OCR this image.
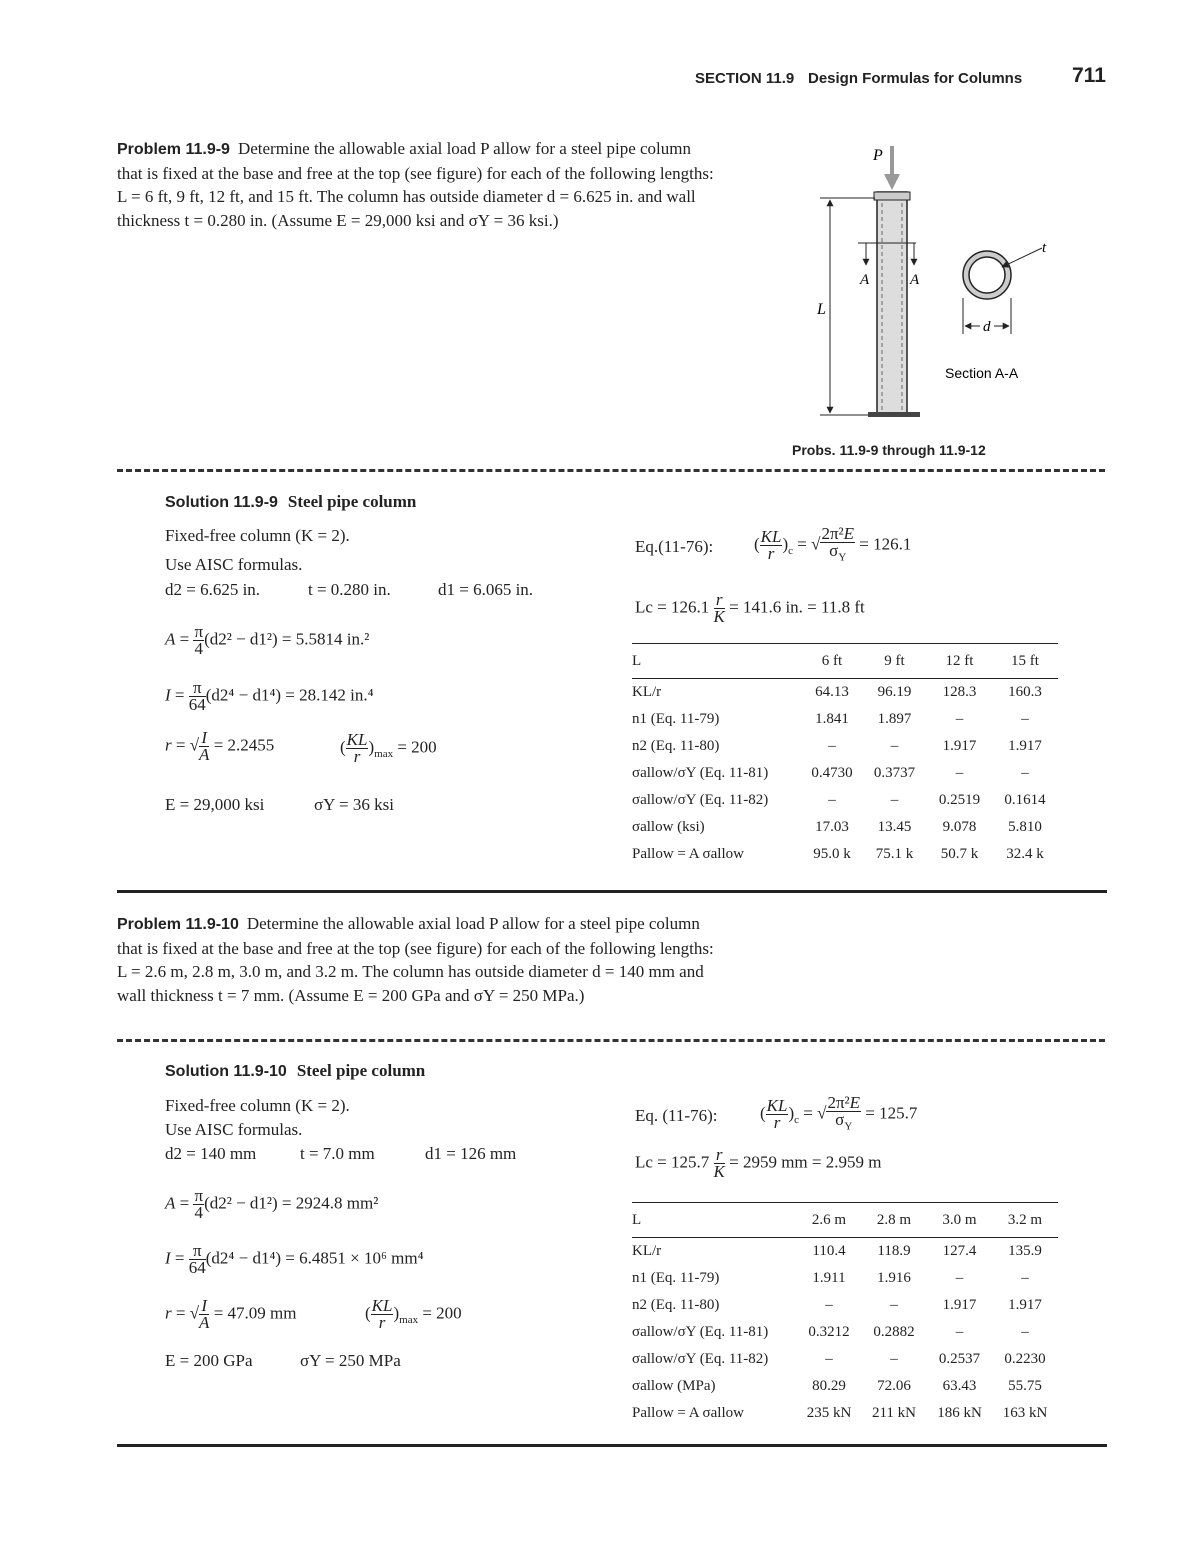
SECTION 11.9 Design Formulas for Columns 711
Problem 11.9-9 Determine the allowable axial load P allow for a steel pipe column that is fixed at the base and free at the top (see figure) for each of the following lengths: L = 6 ft, 9 ft, 12 ft, and 15 ft. The column has outside diameter d = 6.625 in. and wall thickness t = 0.280 in. (Assume E = 29,000 ksi and σY = 36 ksi.)
P
L
A	A
t
d
Section A-A
Probs. 11.9-9 through 11.9-12
Solution 11.9-9 Steel pipe column
Fixed-free column (K = 2).
Use AISC formulas.
d2 = 6.625 in.	t = 0.280 in.	d1 = 6.065 in.
$A = \frac{\pi}{4} (d2^2 - d1^2) = 5.5814$ in.²
$I = \frac{\pi}{64} (d2^4 - d1^4) = 28.142$ in.⁴
r = √ $\frac{I}{A} = 2.2455$	( $\frac{KL}{r} )_{max} = 200$
E = 29,000 ksi	σY = 36 ksi
Eq.(11-76): ( $\frac{KL}{r} )_c$ = √ $\frac{\text{2π²E}}{\sigma_Y} = 126.1$
$Lc = 126.1 \frac{r}{K} = 141.6$ in. = 11.8 ft
L	6 ft	9 ft	12 ft	15 ft
KL/r	64.13	96.19	128.3	160.3
n1 (Eq. 11-79)	1.841	1.897	–	–
n2 (Eq. 11-80)	–	–	1.917	1.917
σallow/σY (Eq. 11-81)	0.4730	0.3737	–	–
σallow/σY (Eq. 11-82)	–	–	0.2519	0.1614
σallow (ksi)	17.03	13.45	9.078	5.810
Pallow = A σallow	95.0 k	75.1 k	50.7 k	32.4 k
Problem 11.9-10 Determine the allowable axial load P allow for a steel pipe column that is fixed at the base and free at the top (see figure) for each of the following lengths: L = 2.6 m, 2.8 m, 3.0 m, and 3.2 m. The column has outside diameter d = 140 mm and wall thickness t = 7 mm. (Assume E = 200 GPa and σY = 250 MPa.)
Solution 11.9-10 Steel pipe column
Fixed-free column (K = 2).
Use AISC formulas.
d2 = 140 mm	t = 7.0 mm	d1 = 126 mm
$A = \frac{\pi}{4} (d2^2 - d1^2) = 2924.8$ mm²
$I = \frac{\pi}{64} (d2^4 - d1^4) = 6.4851 \times 10^6$ mm⁴
r = √ $\frac{I}{A} = 47.09$ mm	( $\frac{KL}{r} )_{max} = 200$
E = 200 GPa	σY = 250 MPa
Eq. (11-76):	( $\frac{KL}{r} )_c$ = √ $\frac{\text{2π²E}}{\sigma_Y} = 125.7$
$Lc = 125.7 \frac{r}{K} = 2959$ mm = 2.959 m
L	2.6 m	2.8 m	3.0 m	3.2 m
KL/r	110.4	118.9	127.4	135.9
n1 (Eq. 11-79)	1.911	1.916	–	–
n2 (Eq. 11-80)	–	–	1.917	1.917
σallow/σY (Eq. 11-81)	0.3212	0.2882	–	–
σallow/σY (Eq. 11-82)	–	–	0.2537	0.2230
σallow (MPa)	80.29	72.06	63.43	55.75
Pallow = A σallow	235 kN	211 kN	186 kN	163 kN
